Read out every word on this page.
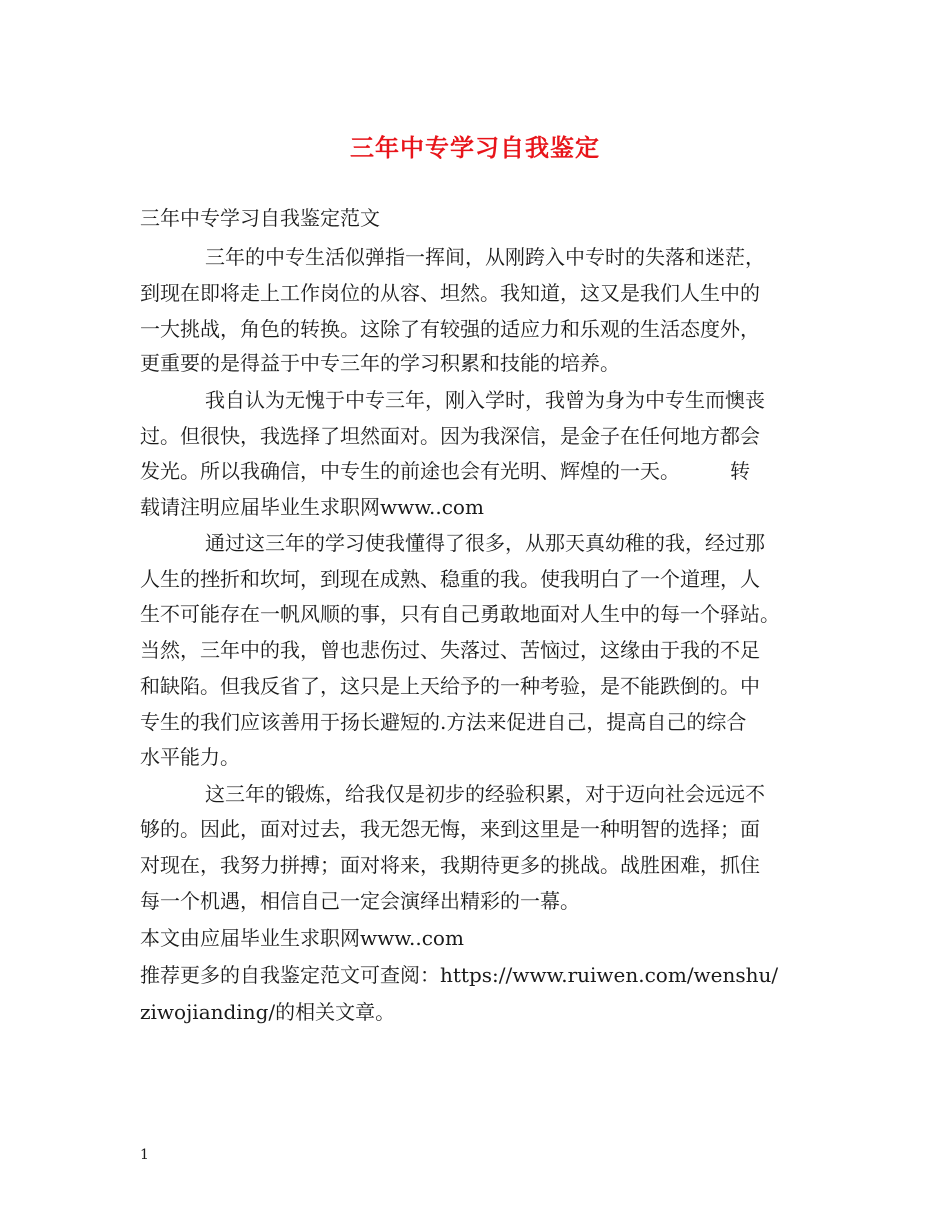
三年中专学习自我鉴定
三年中专学习自我鉴定范文
三年的中专生活似弹指一挥间，从刚跨入中专时的失落和迷茫，
到现在即将走上工作岗位的从容、坦然。我知道，这又是我们人生中的
一大挑战，角色的转换。这除了有较强的适应力和乐观的生活态度外，
更重要的是得益于中专三年的学习积累和技能的培养。
我自认为无愧于中专三年，刚入学时，我曾为身为中专生而懊丧
过。但很快，我选择了坦然面对。因为我深信，是金子在任何地方都会
发光。所以我确信，中专生的前途也会有光明、辉煌的一天。　　　转
载请注明应届毕业生求职网www..com
通过这三年的学习使我懂得了很多，从那天真幼稚的我，经过那
人生的挫折和坎坷，到现在成熟、稳重的我。使我明白了一个道理，人
生不可能存在一帆风顺的事，只有自己勇敢地面对人生中的每一个驿站。
当然，三年中的我，曾也悲伤过、失落过、苦恼过，这缘由于我的不足
和缺陷。但我反省了，这只是上天给予的一种考验，是不能跌倒的。中
专生的我们应该善用于扬长避短的.方法来促进自己，提高自己的综合
水平能力。
这三年的锻炼，给我仅是初步的经验积累，对于迈向社会远远不
够的。因此，面对过去，我无怨无悔，来到这里是一种明智的选择；面
对现在，我努力拼搏；面对将来，我期待更多的挑战。战胜困难，抓住
每一个机遇，相信自己一定会演绎出精彩的一幕。
本文由应届毕业生求职网www..com
推荐更多的自我鉴定范文可查阅：https://www.ruiwen.com/wenshu/
ziwojianding/的相关文章。
1
